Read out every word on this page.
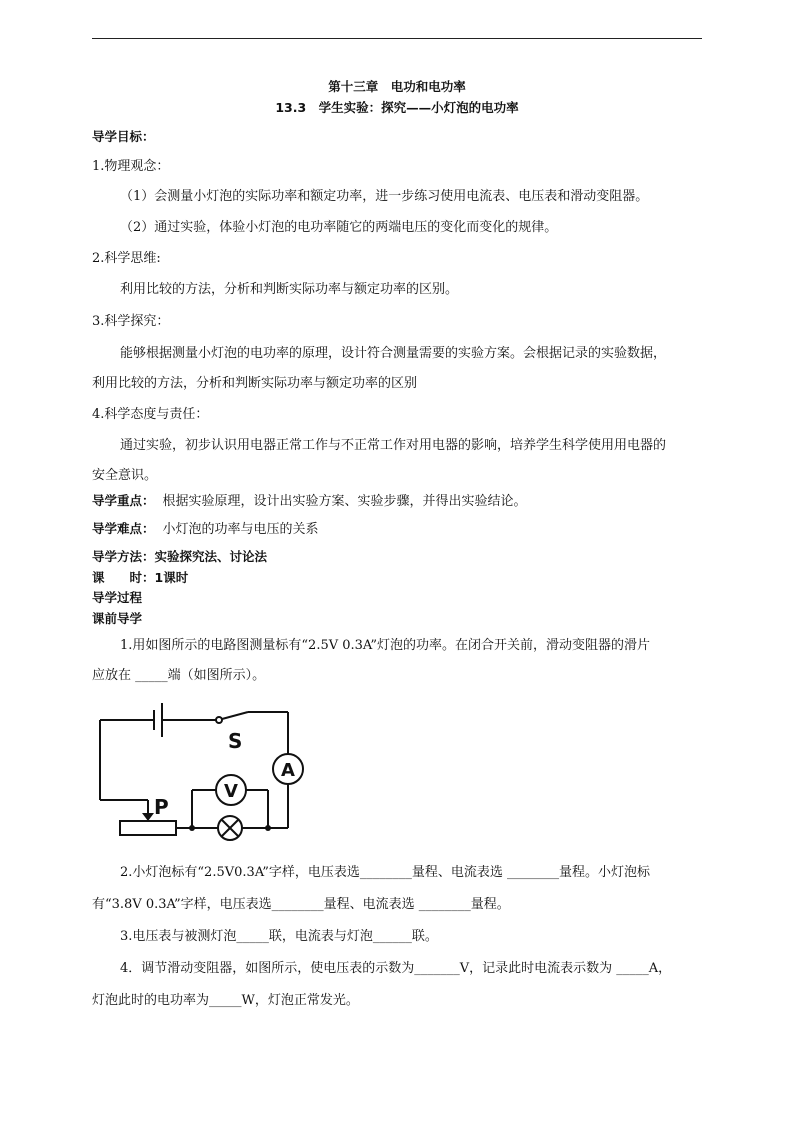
第十三章　电功和电功率
13.3　学生实验：探究——小灯泡的电功率
导学目标：
1.物理观念：
（1）会测量小灯泡的实际功率和额定功率，进一步练习使用电流表、电压表和滑动变阻器。
（2）通过实验，体验小灯泡的电功率随它的两端电压的变化而变化的规律。
2.科学思维:
利用比较的方法，分析和判断实际功率与额定功率的区别。
3.科学探究：
能够根据测量小灯泡的电功率的原理，设计符合测量需要的实验方案。会根据记录的实验数据，
利用比较的方法，分析和判断实际功率与额定功率的区别
4.科学态度与责任：
通过实验，初步认识用电器正常工作与不正常工作对用电器的影响，培养学生科学使用用电器的
安全意识。
导学重点： 根据实验原理，设计出实验方案、实验步骤，并得出实验结论。
导学难点： 小灯泡的功率与电压的关系
导学方法：实验探究法、讨论法
课　　时：1课时
导学过程
课前导学
1.用如图所示的电路图测量标有“2.5V 0.3A”灯泡的功率。在闭合开关前，滑动变阻器的滑片
应放在 _____端（如图所示）。
S
A
V
P
2.小灯泡标有“2.5V0.3A”字样，电压表选________量程、电流表选 ________量程。小灯泡标
有“3.8V 0.3A”字样，电压表选________量程、电流表选 ________量程。
3.电压表与被测灯泡_____联，电流表与灯泡______联。
4．调节滑动变阻器，如图所示，使电压表的示数为_______V，记录此时电流表示数为 _____A，
灯泡此时的电功率为_____W，灯泡正常发光。
